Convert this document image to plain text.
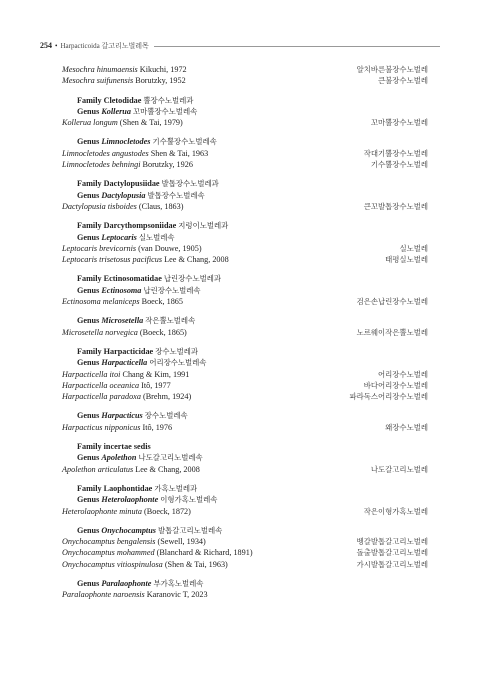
254 • Harpacticoida 갈고리노벌레목
Mesochra hinumaensis Kikuchi, 1972	알치바른불장수노벌레
Mesochra suifunensis Borutzky, 1952	큰불장수노벌레
Family Cletodidae 뿔장수노벌레과
Genus Kollerua 꼬마뿔장수노벌레속
Kollerua longum (Shen & Tai, 1979)	꼬마뿔장수노벌레
Genus Limnocletodes 기수뿔장수노벌레속
Limnocletodes angustodes Shen & Tai, 1963	작대기뿔장수노벌레
Limnocletodes behningi Borutzky, 1926	기수뿔장수노벌레
Family Dactylopusiidae 발톱장수노벌레과
Genus Dactylopusia 발톱장수노벌레속
Dactylopusia tisboides (Claus, 1863)	큰꼬발톱장수노벌레
Family Darcythompsoniidae 지렁이노벌레과
Genus Leptocaris 실노벌레속
Leptocaris brevicornis (van Douwe, 1905)	실노벌레
Leptocaris trisetosus pacificus Lee & Chang, 2008	태평실노벌레
Family Ectinosomatidae 납린장수노벌레과
Genus Ectinosoma 납린장수노벌레속
Ectinosoma melaniceps Boeck, 1865	검은손납린장수노벌레
Genus Microsetella 작은뿔노벌레속
Microsetella norvegica (Boeck, 1865)	노르웨이작은뿔노벌레
Family Harpacticidae 장수노벌레과
Genus Harpacticella 어리장수노벌레속
Harpacticella itoi Chang & Kim, 1991	어리장수노벌레
Harpacticella oceanica Itô, 1977	바다어리장수노벌레
Harpacticella paradoxa (Brehm, 1924)	파라독스어리장수노벌레
Genus Harpacticus 장수노벌레속
Harpacticus nipponicus Itô, 1976	왜장수노벌레
Family incertae sedis
Genus Apolethon 나도갈고리노벌레속
Apolethon articulatus Lee & Chang, 2008	나도갈고리노벌레
Family Laophontidae 가혹노벌레과
Genus Heterolaophonte 이형가혹노벌레속
Heterolaophonte minuta (Boeck, 1872)	작은이형가혹노벌레
Genus Onychocamptus 발톱갈고리노벌레속
Onychocamptus bengalensis (Sewell, 1934)	벵갈발톱갈고리노벌레
Onychocamptus mohammed (Blanchard & Richard, 1891)	돌출발톱갈고리노벌레
Onychocamptus vitiospinulosa (Shen & Tai, 1963)	가시발톱갈고리노벌레
Genus Paralaophonte 부가혹노벌레속
Paralaophonte naroensis Karanovic T, 2023
